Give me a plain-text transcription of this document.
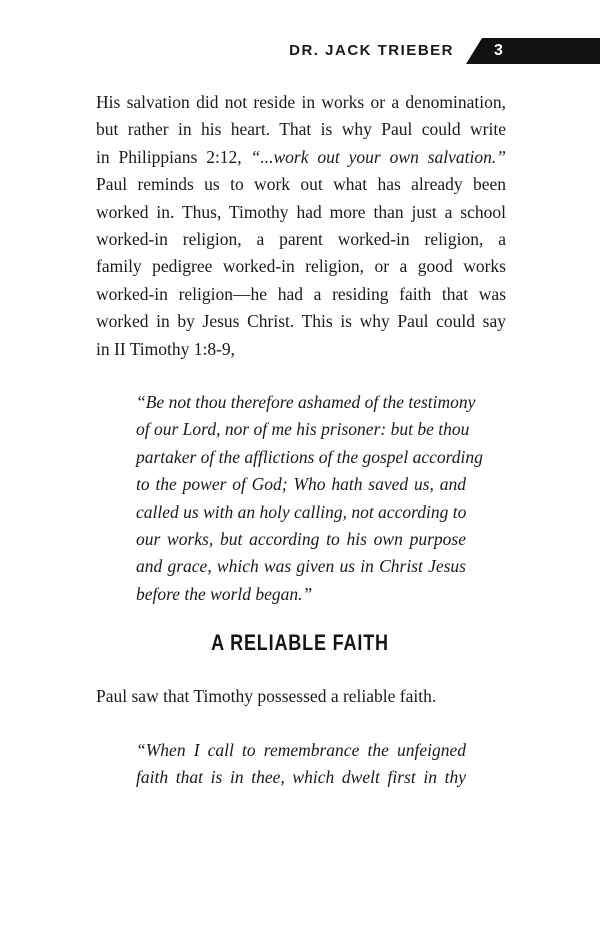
DR. JACK TRIEBER	3

His salvation did not reside in works or a denomination,
but rather in his heart. That is why Paul could write
in Philippians 2:12, “...work out your own salvation.”
Paul reminds us to work out what has already been
worked in. Thus, Timothy had more than just a school
worked-in religion, a parent worked-in religion, a
family pedigree worked-in religion, or a good works
worked-in religion—he had a residing faith that was
worked in by Jesus Christ. This is why Paul could say
in II Timothy 1:8-9,

“Be not thou therefore ashamed of the testimony
of our Lord, nor of me his prisoner: but be thou
partaker of the afflictions of the gospel according
to the power of God; Who hath saved us, and
called us with an holy calling, not according to
our works, but according to his own purpose
and grace, which was given us in Christ Jesus
before the world began.”
A RELIABLE FAITH

Paul saw that Timothy possessed a reliable faith.

“When I call to remembrance the unfeigned
faith that is in thee, which dwelt first in thy
